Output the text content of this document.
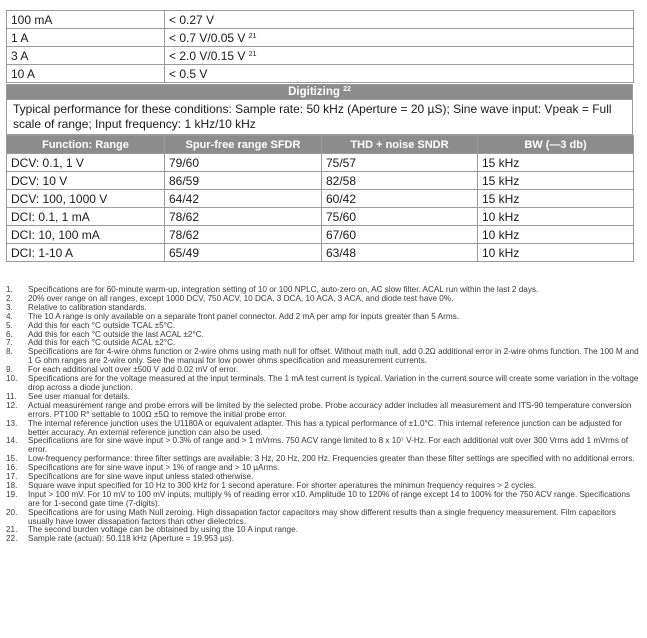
100 mA	< 0.27 V
1 A	< 0.7 V/0.05 V $^{21}$
3 A	< 2.0 V/0.15 V $^{21}$
10 A	< 0.5 V
Digitizing $^{22}$
Typical performance for these conditions: Sample rate: 50 kHz (Aperture = 20 µS); Sine wave input: Vpeak = Full scale of range; Input frequency: 1 kHz/10 kHz
Function: Range	Spur-free range SFDR	THD + noise SNDR	BW (—3 db)
DCV: 0.1, 1 V	79/60	75/57	15 kHz
DCV: 10 V	86/59	82/58	15 kHz
DCV: 100, 1000 V	64/42	60/42	15 kHz
DCI: 0.1, 1 mA	78/62	75/60	10 kHz
DCI: 10, 100 mA	78/62	67/60	10 kHz
DCI: 1-10 A	65/49	63/48	10 kHz
1.	Specifications are for 60-minute warm-up, integration setting of 10 or 100 NPLC, auto-zero on, AC slow filter. ACAL run within the last 2 days.
2.	20% over range on all ranges, except 1000 DCV, 750 ACV, 10 DCA, 3 DCA, 10 ACA, 3 ACA, and diode test have 0%.
3.	Relative to calibration standards.
4.	The 10 A range is only available on a separate front panel connector. Add 2 mA per amp for inputs greater than 5 Arms.
5.	Add this for each °C outside TCAL ±5°C.
6.	Add this for each °C outside the last ACAL ±2°C.
7.	Add this for each °C outside ACAL ±2°C.
8.	Specifications are for 4-wire ohms function or 2-wire ohms using math null for offset. Without math null, add 0.2Ω additional error in 2-wire ohms function. The 100 M and 1 G ohm ranges are 2-wire only. See the manual for low power ohms specification and measurement currents.
9.	For each additional volt over ±500 V add 0.02 mV of error.
10.	Specifications are for the voltage measured at the input terminals. The 1 mA test current is typical. Variation in the current source will create some variation in the voltage drop across a diode junction.
11.	See user manual for details.
12.	Actual measurement range and probe errors will be limited by the selected probe. Probe accuracy adder includes all measurement and ITS-90 temperature conversion errors. PT100 R° settable to 100Ω ±5Ω to remove the initial probe error.
13.	The internal reference junction uses the U1180A or equivalent adapter. This has a typical performance of ±1.0°C. This internal reference junction can be adjusted for better accuracy. An external reference junction can also be used.
14.	Specifications are for sine wave input > 0.3% of range and > 1 mVrms. 750 ACV range limited to 8 x 10⁷ V-Hz. For each additional volt over 300 Vrms add 1 mVrms of error.
15.	Low-frequency performance: three filter settings are available: 3 Hz, 20 Hz, 200 Hz. Frequencies greater than these filter settings are specified with no additional errors.
16.	Specifications are for sine wave input > 1% of range and > 10 µArms.
17.	Specifications are for sine wave input unless stated otherwise.
18.	Square wave input specified for 10 Hz to 300 kHz for 1 second aperature. For shorter aperatures the minimun frequency requires > 2 cycles.
19.	Input > 100 mV. For 10 mV to 100 mV inputs, multiply % of reading error x10. Amplitude 10 to 120% of range except 14 to 100% for the 750 ACV range. Specifications are for 1-second gate time (7-digits).
20.	Specifications are for using Math Null zeroing. High dissapation factor capacitors may show different results than a single frequency measurement. Film capacitors usually have lower dissapation factors than other dielectrics.
21.	The second burden voltage can be obtained by using the 10 A input range.
22.	Sample rate (actual): 50.118 kHz (Aperture = 19.953 µs).
